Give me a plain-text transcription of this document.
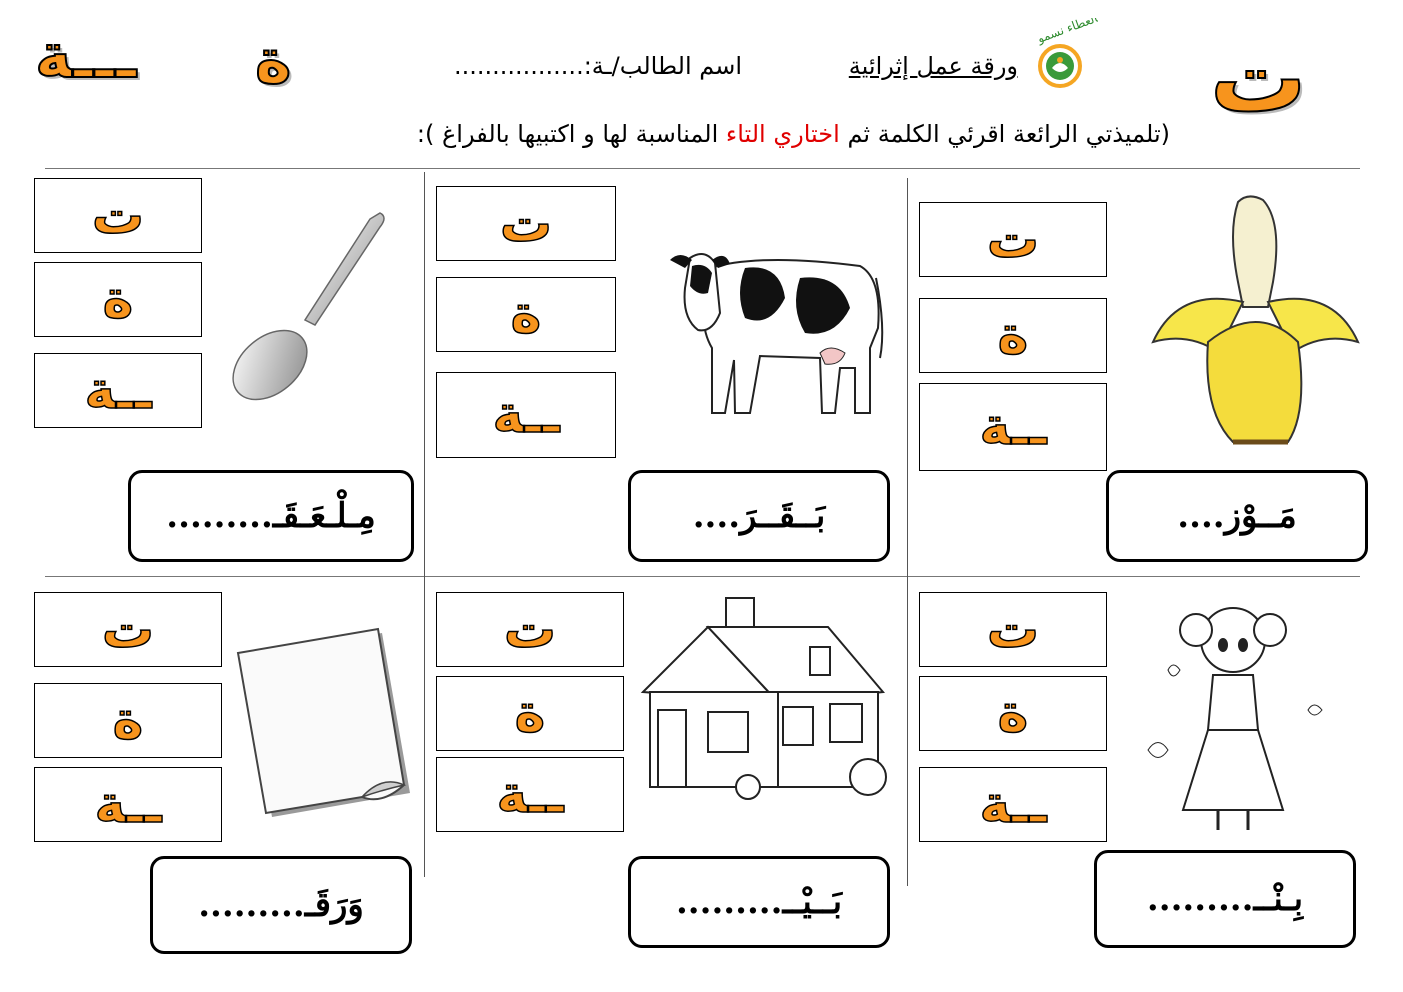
ت
ة
ـــة	بالعطاء نسمو
ورقة عمل إثرائية
اسم الطالب/ـة:.................
(تلميذتي الرائعة اقرئي الكلمة ثم اختاري التاء المناسبة لها و اكتبيها بالفراغ ):
ت
ة
ــة
مَــوْز....
ت
ة
ــة
بَــقَــرَ....
ت
ة
ــة
مِـلْـعَـقَـ.........
ت
ة
ــة
بِـنْــ.........
ت
ة
ــة
بَــيْــ.........
ت
ة
ــة
وَرَقَـ.........
